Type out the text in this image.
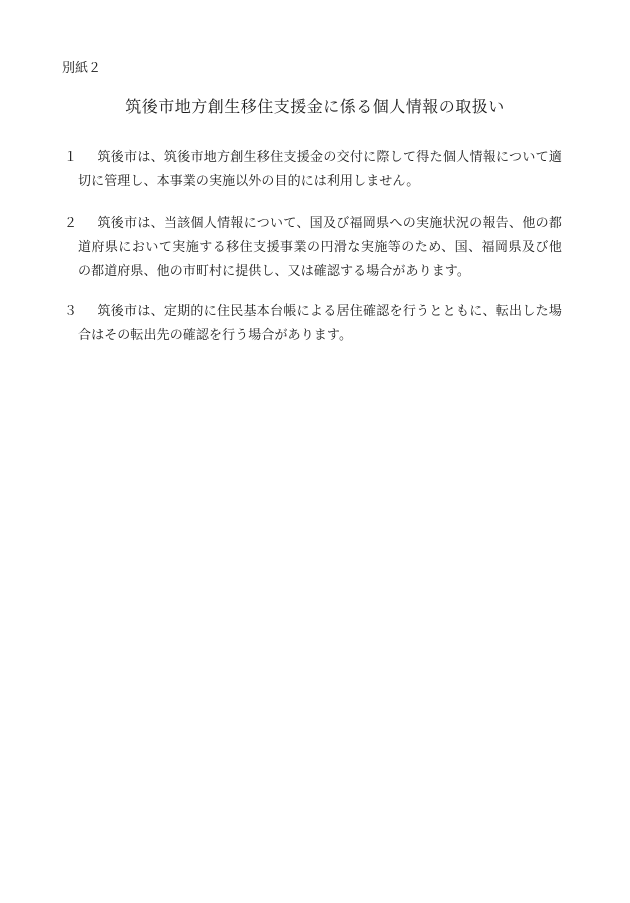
別紙２
筑後市地方創生移住支援金に係る個人情報の取扱い
１	筑後市は、筑後市地方創生移住支援金の交付に際して得た個人情報について適切に管理し、本事業の実施以外の目的には利用しません。
２	筑後市は、当該個人情報について、国及び福岡県への実施状況の報告、他の都道府県において実施する移住支援事業の円滑な実施等のため、国、福岡県及び他の都道府県、他の市町村に提供し、又は確認する場合があります。
３	筑後市は、定期的に住民基本台帳による居住確認を行うとともに、転出した場合はその転出先の確認を行う場合があります。
